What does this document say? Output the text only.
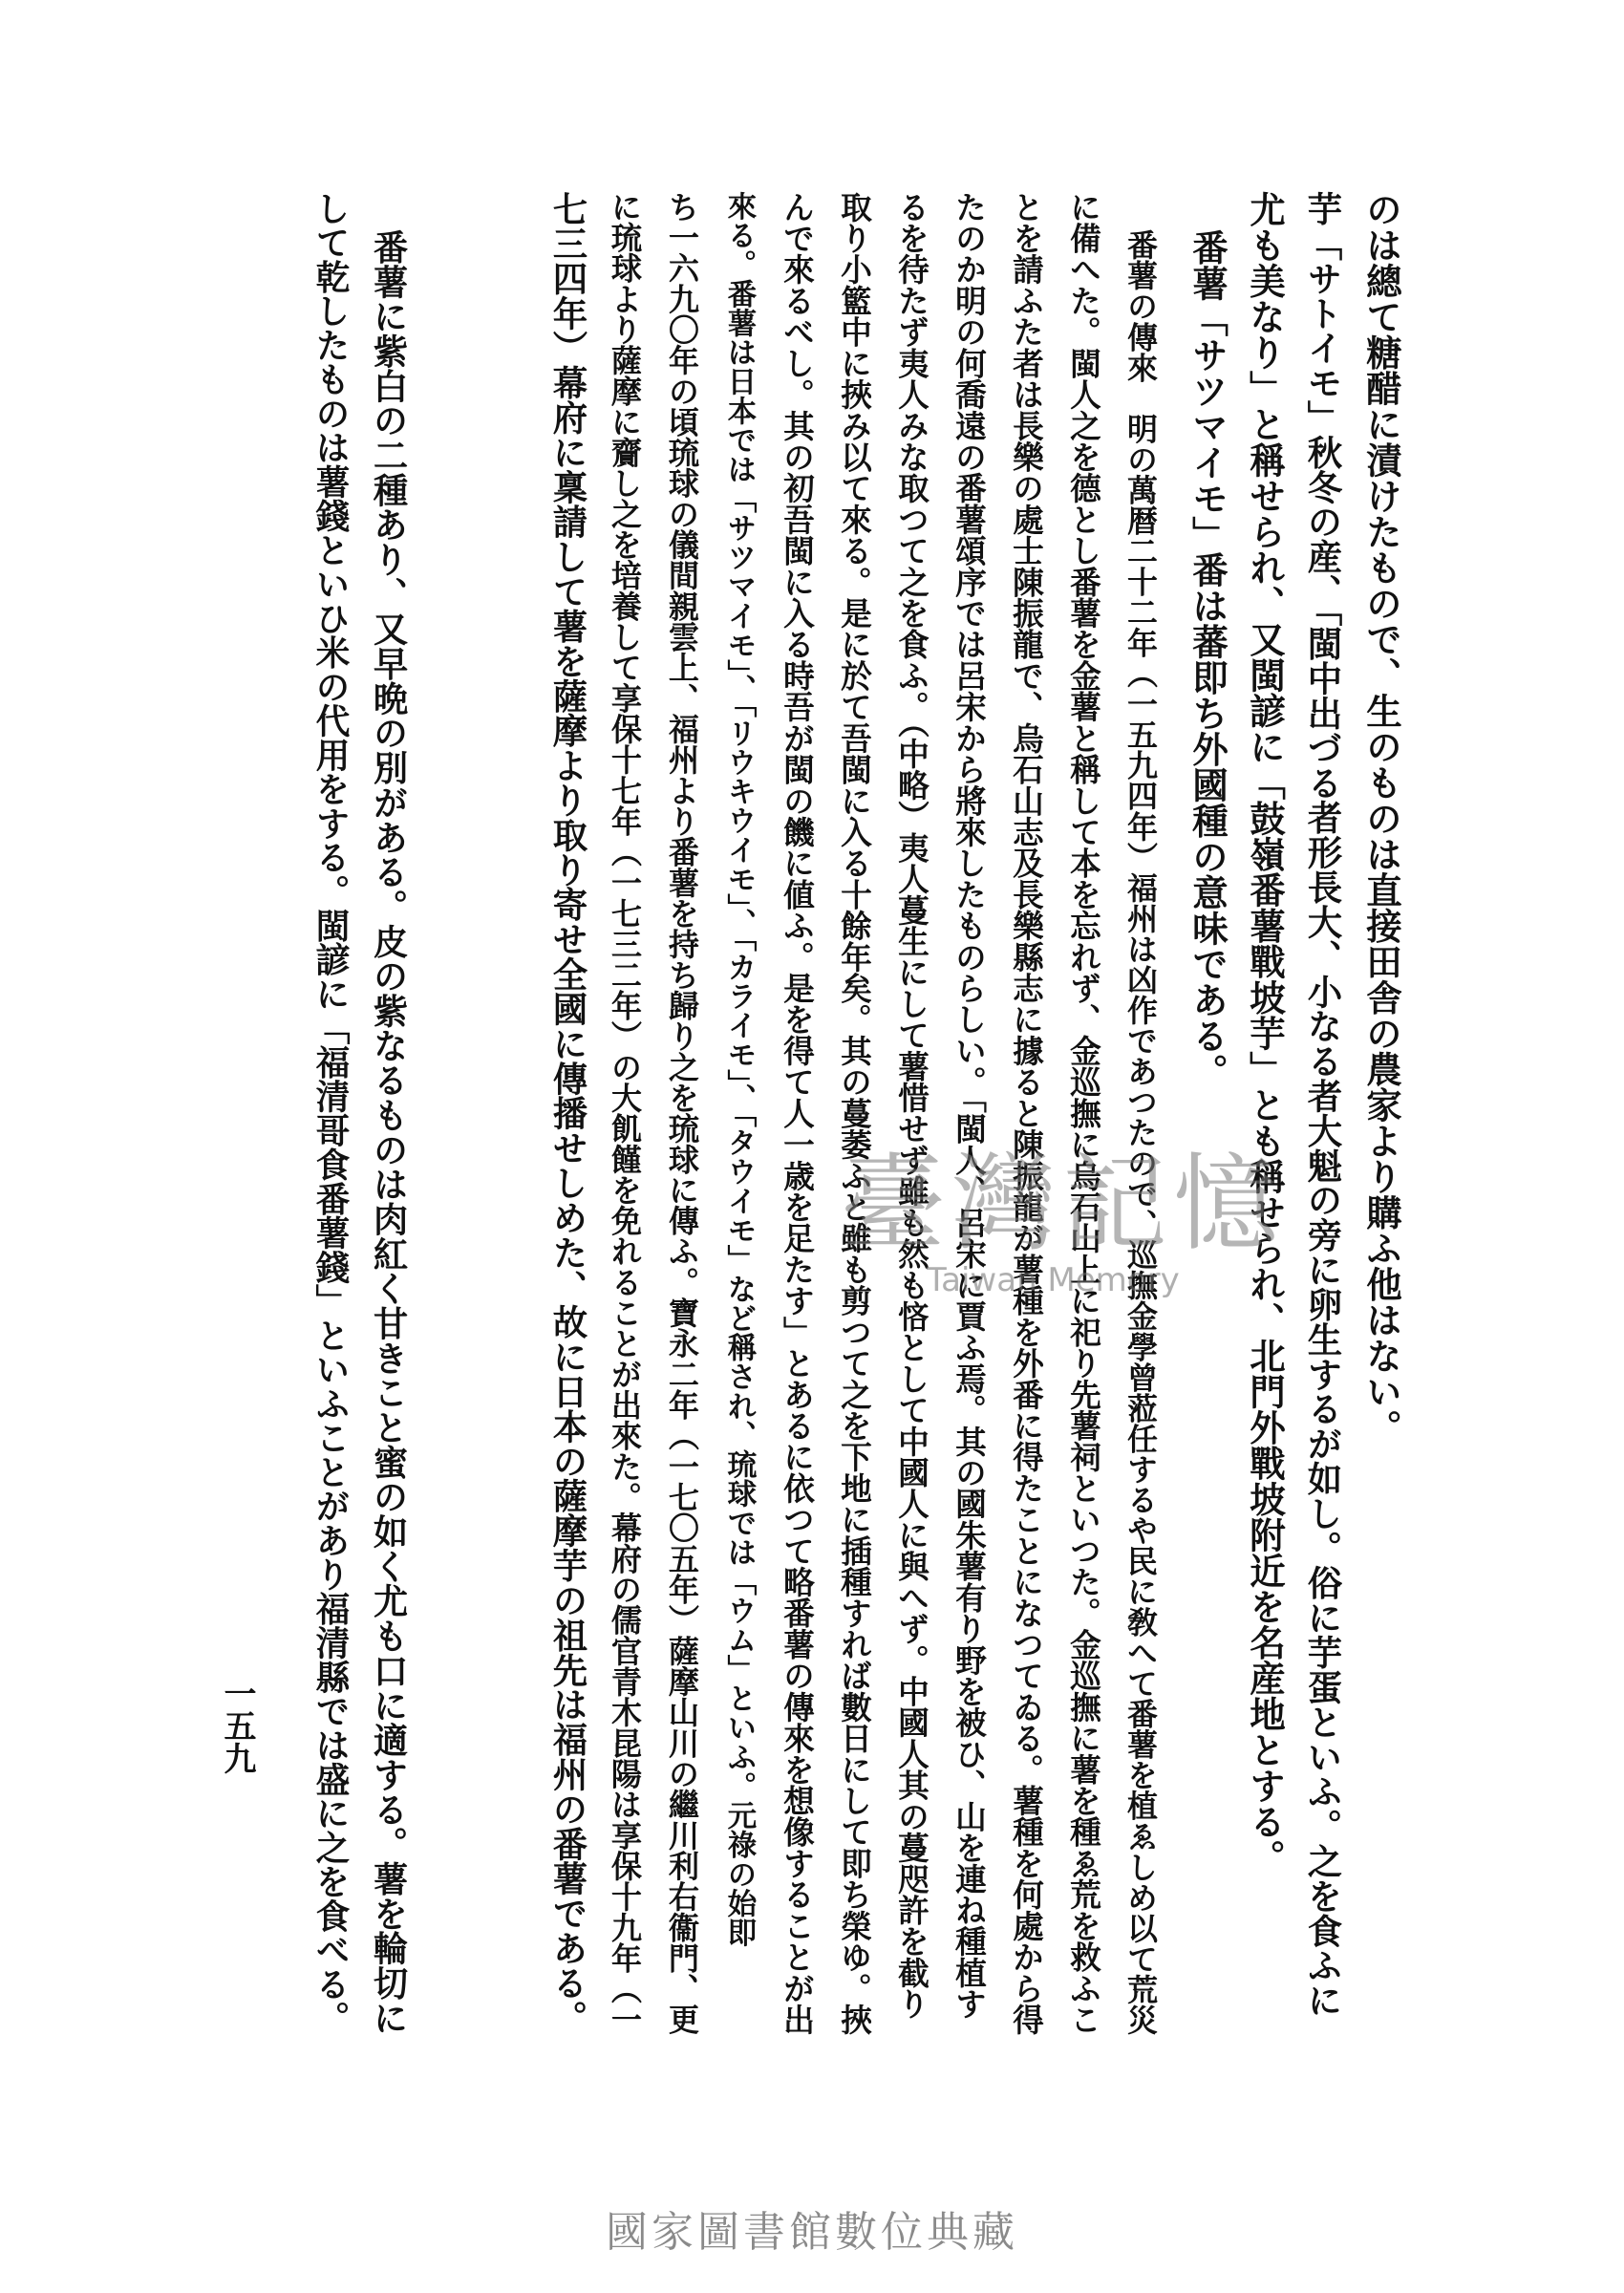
のは總て糖醋に漬けたもので、生のものは直接田舎の農家より購ふ他はない。
芋「サトイモ」秋冬の産、「閩中出づる者形長大、小なる者大魁の旁に卵生するが如し。俗に芋蛋といふ。之を食ふに
尤も美なり」と稱せられ、又閩諺に「鼓嶺番薯戰坡芋」とも稱せられ、北門外戰坡附近を名産地とする。
番薯「サツマイモ」番は蕃即ち外國種の意味である。
番薯の傳來　明の萬暦二十二年（一五九四年）福州は凶作であつたので、巡撫金學曾蒞任するや民に敎へて番薯を植ゑしめ以て荒災
に備へた。閩人之を德とし番薯を金薯と稱して本を忘れず、金巡撫に烏石山上に祀り先薯祠といつた。金巡撫に薯を種ゑ荒を救ふこ
とを請ふた者は長樂の處士陳振龍で、烏石山志及長樂縣志に據ると陳振龍が薯種を外番に得たことになつてゐる。薯種を何處から得
たのか明の何喬遠の番薯頌序では呂宋から將來したものらしい。「閩人、呂宋に賈ふ焉。其の國朱薯有り野を被ひ、山を連ね種植す
るを待たず夷人みな取つて之を食ふ。（中略）夷人蔓生にして薯惜せず雖も然も悋として中國人に與へず。中國人其の蔓咫許を截り
取り小籃中に挾み以て來る。是に於て吾閩に入る十餘年矣。其の蔓萎ふと雖も剪つて之を下地に插種すれば數日にして即ち榮ゆ。挾
んで來るべし。其の初吾閩に入る時吾が閩の饑に値ふ。是を得て人一歳を足たす」とあるに依つて略番薯の傳來を想像することが出
來る。番薯は日本では「サツマイモ」、「リウキウイモ」、「カライモ」、「タウイモ」など稱され、琉球では「ウム」といふ。元祿の始即
ち一六九〇年の頃琉球の儀間親雲上、福州より番薯を持ち歸り之を琉球に傳ふ。寶永二年（一七〇五年）薩摩山川の繼川利右衞門、更
に琉球より薩摩に齎し之を培養して享保十七年（一七三二年）の大飢饉を免れることが出來た。幕府の儒官青木昆陽は享保十九年（一
七三四年）幕府に稟請して薯を薩摩より取り寄せ全國に傳播せしめた、故に日本の薩摩芋の祖先は福州の番薯である。
番薯に紫白の二種あり、又早晩の別がある。皮の紫なるものは肉紅く甘きこと蜜の如く尤も口に適する。薯を輪切に
して乾したものは薯錢といひ米の代用をする。閩諺に「福清哥食番薯錢」といふことがあり福清縣では盛に之を食べる。
一五九
臺灣記憶
Taiwan Memory
國家圖書館數位典藏
